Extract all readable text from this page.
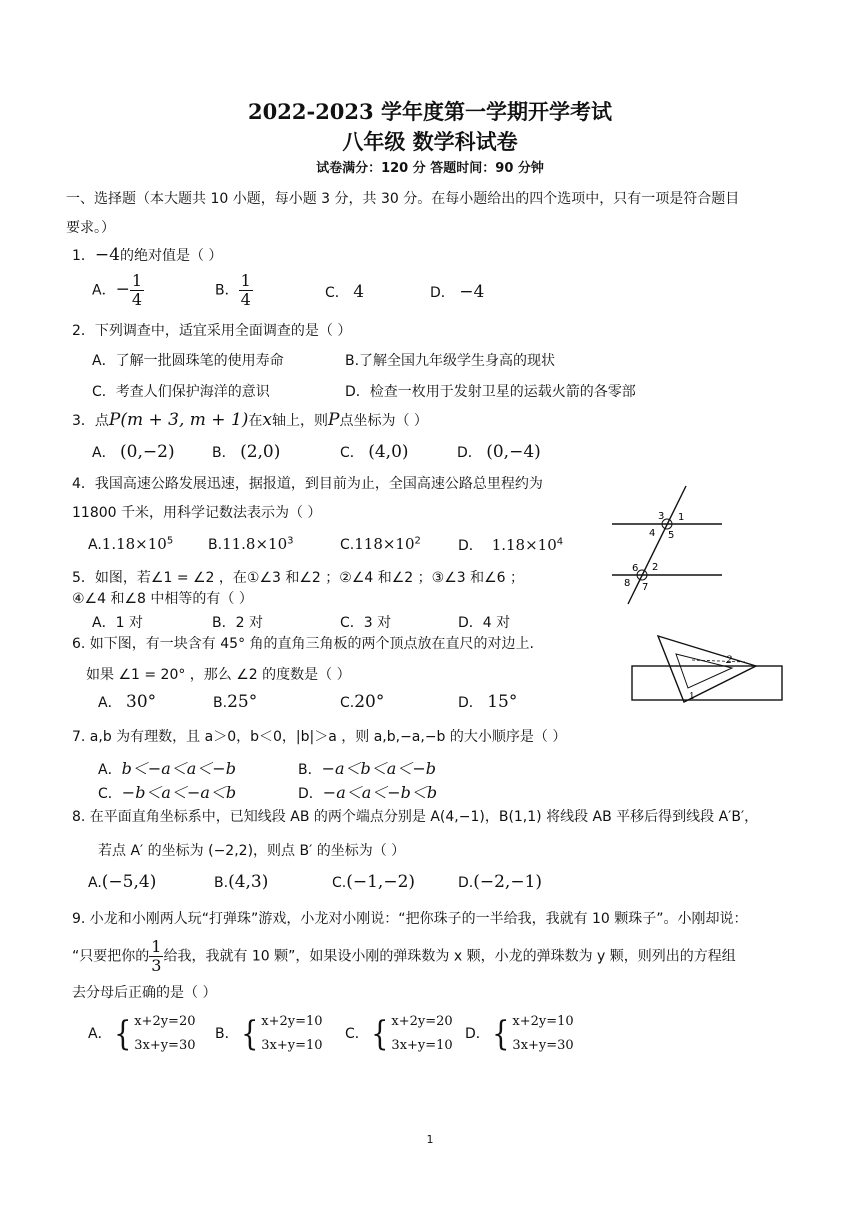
2022-2023 学年度第一学期开学考试
八年级 数学科试卷
试卷满分：120 分 答题时间：90 分钟
一、选择题（本大题共 10 小题，每小题 3 分，共 30 分。在每小题给出的四个选项中，只有一项是符合题目
要求。）
1．−4的绝对值是（ ）
A．− $\frac{1}{4}$	B． $\frac{1}{4}$	C． 4	D． −4
2．下列调查中，适宜采用全面调查的是（ ）
A．了解一批圆珠笔的使用寿命	B.了解全国九年级学生身高的现状
C．考查人们保护海洋的意识	D．检查一枚用于发射卫星的运载火箭的各零部
3．点P(m + 3, m + 1)在x轴上，则P点坐标为（ ）
A． (0,−2)	B． (2,0)	C． (4,0)	D． (0,−4)
4．我国高速公路发展迅速，据报道，到目前为止，全国高速公路总里程约为
11800 千米，用科学记数法表示为（ ）
$A.1.18\times 10^5$ $B.11.8\times 10^3$	$C.118\times 10^2$	D． $1.18\times 10^4$
3 1
4 5
6 2
8 7
5．如图，若∠1 = ∠2 ，在①∠3 和∠2 ；②∠4 和∠2 ；③∠3 和∠6 ；
④∠4 和∠8 中相等的有（ ）
A．1 对	B．2 对	C．3 对	D．4 对
2
1
6. 如下图，有一块含有 45° 角的直角三角板的两个顶点放在直尺的对边上.
如果 ∠1 = 20° ，那么 ∠2 的度数是（ ）
A． 30°	B.25°	C.20°	D． 15°
7. a,b 为有理数，且 a＞0，b＜0，|b|＞a ，则 a,b,−a,−b 的大小顺序是（ ）
A．b＜−a＜a＜−b	B．−a＜b＜a＜−b
C．−b＜a＜−a＜b	D．−a＜a＜−b＜b
8. 在平面直角坐标系中，已知线段 AB 的两个端点分别是 A(4,−1)，B(1,1) 将线段 AB 平移后得到线段 A′B′，
若点 A′ 的坐标为 (−2,2)，则点 B′ 的坐标为（ ）
A.(−5,4)	B.(4,3)	C.(−1,−2)	D.(−2,−1)
9. 小龙和小刚两人玩“打弹珠”游戏，小龙对小刚说：“把你珠子的一半给我，我就有 10 颗珠子”。小刚却说：
“只要把你的 $\frac{1}{3}$ 给我，我就有 10 颗”，如果设小刚的弹珠数为 x 颗，小龙的弹珠数为 y 颗，则列出的方程组
去分母后正确的是（ ）
A．{ x+2y=20
3x+y=30
B．{ x+2y=10
3x+y=10
C．{ x+2y=20
3x+y=10
D．{ x+2y=10
3x+y=30
1
